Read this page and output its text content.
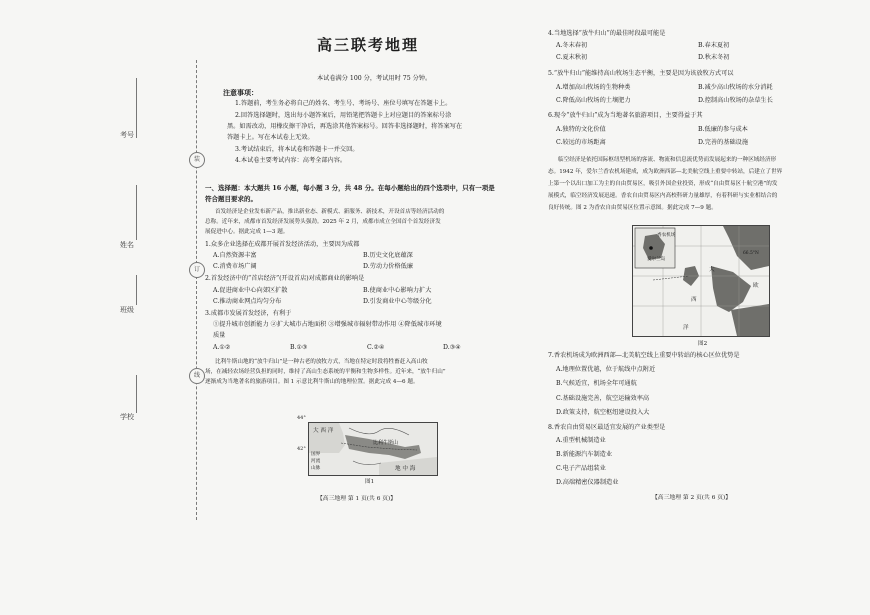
装
订
线
考号
姓名
班级
学校
高三联考地理
本试卷满分 100 分，考试用时 75 分钟。
注意事项：
1.答题前，考生务必将自己的姓名、考生号、考场号、座位号填写在答题卡上。
2.回答选择题时，选出每小题答案后，用铅笔把答题卡上对应题目的答案标号涂
黑。如需改动，用橡皮擦干净后，再选涂其他答案标号。回答非选择题时，将答案写在
答题卡上。写在本试卷上无效。
3.考试结束后，将本试卷和答题卡一并交回。
4.本试卷主要考试内容：高考全部内容。
一、选择题：本大题共 16 小题，每小题 3 分，共 48 分。在每小题给出的四个选项中，只有一项是
符合题目要求的。
首发经济是企业发布新产品，推出新业态、新模式、新服务、新技术，开设首店等经济活动的
总称。近年来，成都市首发经济发展势头强劲。2025 年 2 月，成都市成立全国首个首发经济发
展促进中心。据此完成 1—3 题。
1.众多企业选择在成都开展首发经济活动，主要因为成都
A.自然资源丰富	B.历史文化底蕴深
C.消费市场广阔	D.劳动力价格低廉
2.首发经济中的“首店经济”(开设首店)对成都商业的影响是
A.促进商业中心向郊区扩散	B.使商业中心影响力扩大
C.推动商业网点均匀分布	D.引发商业中心等级分化
3.成都市发展首发经济，有利于
①提升城市创新能力 ②扩大城市占地面积 ③增强城市辐射带动作用 ④降低城市环境
质量
A.①②	B.①③	C.②④	D.③④
比利牛斯山地的“放牛归山”是一种古老的放牧方式，当地在特定时段将牲畜赶入高山牧
场，在减轻农场经营负担的同时，维持了高山生态系统的平衡和生物多样性。近年来，“放牛归山”
逐渐成为当地著名的旅游项目。图 1 示意比利牛斯山的地理位置。据此完成 4—6 题。
大 西 洋
比利牛斯山
地 中 海
国界
河流
山脉
44°
42°
图1
【高三地理 第 1 页(共 6 页)】
4.当地选择“放牛归山”的最佳时段最可能是
A.冬末春初	B.春末夏初
C.夏末秋初	D.秋末冬初
5.“放牛归山”能维持高山牧场生态平衡，主要是因为该放牧方式可以
A.增加高山牧场的生物种类	B.减少高山牧场的水分消耗
C.降低高山牧场的土壤肥力	D.控制高山牧场的杂草生长
6.现今“放牛归山”成为当地著名旅游项目，主要得益于其
A.独特的文化价值	B.低廉的参与成本
C.较远的市场距离	D.完善的基础设施
临空经济是依托国际枢纽型机场的客流、物流和信息流优势而发展起来的一种区域经济形
态。1942 年，爱尔兰香农机场建成，成为欧洲西部—北美航空线上重要中转站，后建立了世界
上第一个以出口加工为主的自由贸易区，吸引外国企业投资，形成“自由贸易区十航空港”的发
展模式，临空经济发展迅速。香农自由贸易区内高校科研力量雄厚，有着科研与实业相结合的
良好传统。图 2 为香农自由贸易区位置示意图。据此完成 7—9 题。
香农机场
爱尔兰岛
大
西
洋
欧
66.5°N
图2
7.香农机场成为欧洲西部—北美航空线上重要中转站的核心区位优势是
A.地理位置优越，位于航线中点附近
B.气候适宜，机场全年可通航
C.基础设施完善，航空运输效率高
D.政策支持，航空枢纽建设投入大
8.香农自由贸易区最适宜发展的产业类型是
A.重型机械制造业
B.新能源汽车制造业
C.电子产品组装业
D.高端精密仪器制造业
【高三地理 第 2 页(共 6 页)】
